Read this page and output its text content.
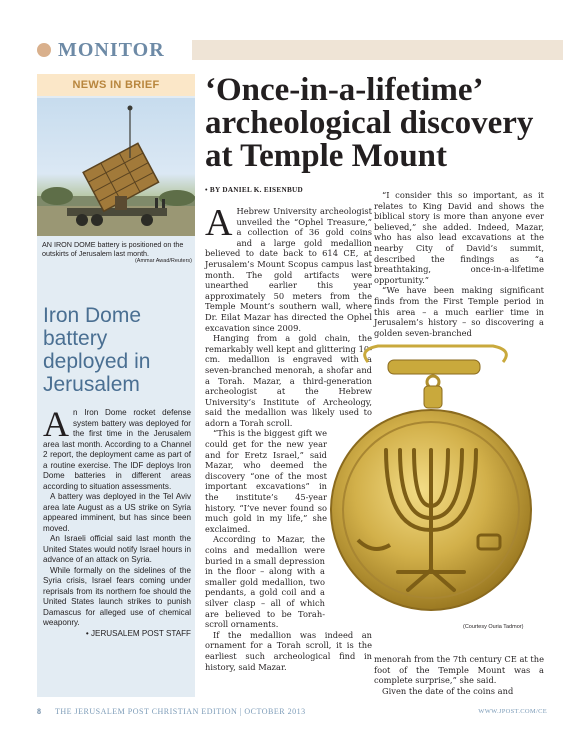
MONITOR
NEWS IN BRIEF
AN IRON DOME battery is positioned on the outskirts of Jerusalem last month.
(Ammar Awad/Reuters)
Iron Dome battery deployed in Jerusalem

An Iron Dome rocket defense system battery was deployed for the first time in the Jerusalem area last month. According to a Channel 2 report, the deployment came as part of a routine exercise. The IDF deploys Iron Dome batteries in different areas according to situation assessments.

A battery was deployed in the Tel Aviv area late August as a US strike on Syria appeared imminent, but has since been moved.

An Israeli official said last month the United States would notify Israel hours in advance of an attack on Syria.

While formally on the sidelines of the Syria crisis, Israel fears coming under reprisals from its northern foe should the United States launch strikes to punish Damascus for alleged use of chemical weaponry.

• JERUSALEM POST STAFF

‘Once-in-a-lifetime’ archeological discovery at Temple Mount
• BY DANIEL K. EISENBUD

A Hebrew University archeologist unveiled the “Ophel Treasure,” a collection of 36 gold coins and a large gold medallion believed to date back to 614 CE, at Jerusalem’s Mount Scopus campus last month. The gold artifacts were unearthed earlier this year approximately 50 meters from the Temple Mount’s southern wall, where Dr. Eilat Mazar has directed the Ophel excavation since 2009.

Hanging from a gold chain, the remarkably well kept and glittering 10-cm. medallion is engraved with a seven-branched menorah, a shofar and a Torah. Mazar, a third-generation archeologist at the Hebrew University’s Institute of Archeology, said the medallion was likely used to adorn a Torah scroll.

“This is the biggest gift we could get for the new year and for Eretz Israel,” said Mazar, who deemed the discovery “one of the most important excavations” in the institute’s 45-year history. “I’ve never found so much gold in my life,” she exclaimed.

According to Mazar, the coins and medallion were buried in a small depression in the floor – along with a smaller gold medallion, two pendants, a gold coil and a silver clasp – all of which are believed to be Torah-scroll ornaments.

If the medallion was indeed an ornament for a Torah scroll, it is the earliest such archeological find in history, said Mazar.

“I consider this so important, as it relates to King David and shows the biblical story is more than anyone ever believed,” she added. Indeed, Mazar, who has also lead excavations at the nearby City of David’s summit, described the findings as “a breathtaking, once-in-a-lifetime opportunity.”

“We have been making significant finds from the First Temple period in this area – a much earlier time in Jerusalem’s history – so discovering a golden seven-branched

(Courtesy Ouria Tadmor)

menorah from the 7th century CE at the foot of the Temple Mount was a complete surprise,” she said.

Given the date of the coins and

8 THE JERUSALEM POST CHRISTIAN EDITION | OCTOBER 2013	WWW.JPOST.COM/CE
